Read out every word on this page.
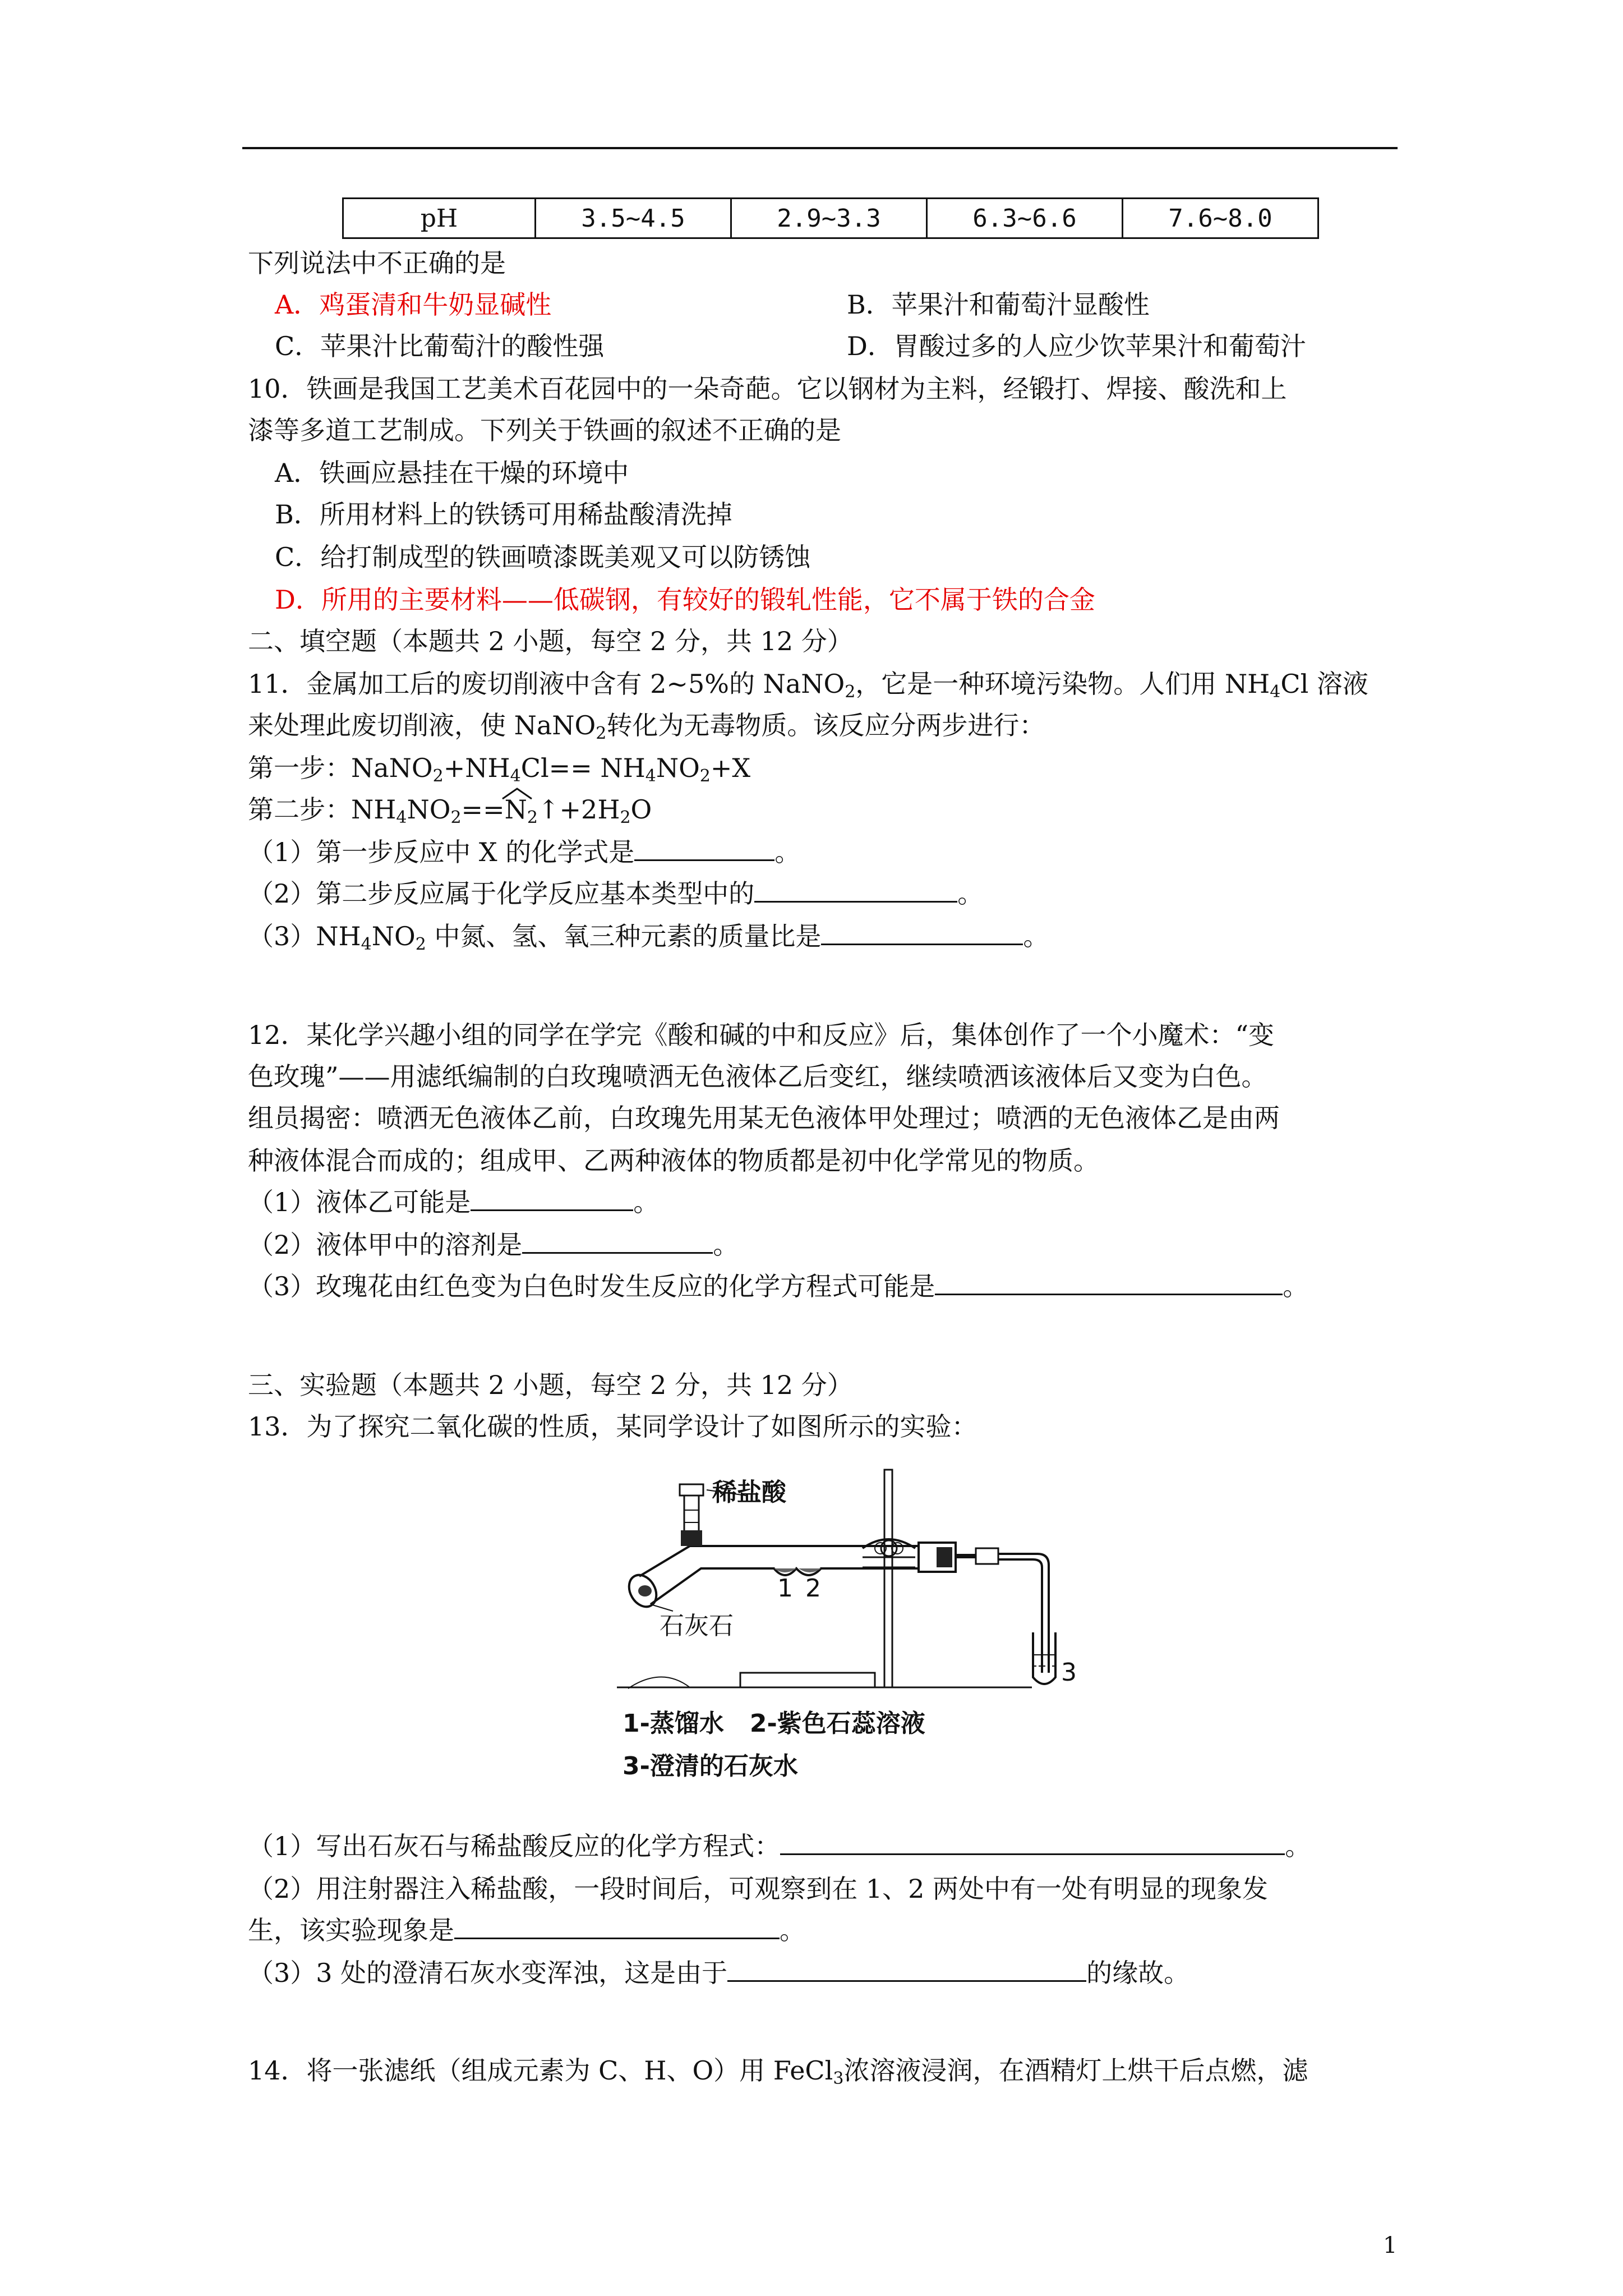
pH	3.5~4.5	2.9~3.3	6.3~6.6	7.6~8.0
下列说法中不正确的是
A．鸡蛋清和牛奶显碱性	B．苹果汁和葡萄汁显酸性
C．苹果汁比葡萄汁的酸性强	D．胃酸过多的人应少饮苹果汁和葡萄汁
10．铁画是我国工艺美术百花园中的一朵奇葩。它以钢材为主料，经锻打、焊接、酸洗和上
漆等多道工艺制成。下列关于铁画的叙述不正确的是
A．铁画应悬挂在干燥的环境中
B．所用材料上的铁锈可用稀盐酸清洗掉
C．给打制成型的铁画喷漆既美观又可以防锈蚀
D．所用的主要材料——低碳钢，有较好的锻轧性能，它不属于铁的合金
二、填空题（本题共 2 小题，每空 2 分，共 12 分）
11．金属加工后的废切削液中含有 2~5%的 NaNO$_2$，它是一种环境污染物。人们用 $NH_4Cl$ 溶液
来处理此废切削液，使 NaNO$_2$转化为无毒物质。该反应分两步进行：
第一步：$NaNO_2+NH_4Cl== NH_4NO_2+X$
第二步：$NH_4NO_2==N$
$_2↑+2H_2O$
（1）第一步反应中 X 的化学式是	。
（2）第二步反应属于化学反应基本类型中的	。
$(3)NH_4NO_2$ 中氮、氢、氧三种元素的质量比是	。
12．某化学兴趣小组的同学在学完《酸和碱的中和反应》后，集体创作了一个小魔术：“变
色玫瑰”——用滤纸编制的白玫瑰喷洒无色液体乙后变红，继续喷洒该液体后又变为白色。
组员揭密：喷洒无色液体乙前，白玫瑰先用某无色液体甲处理过；喷洒的无色液体乙是由两
种液体混合而成的；组成甲、乙两种液体的物质都是初中化学常见的物质。
（1）液体乙可能是	。
（2）液体甲中的溶剂是	。
（3）玫瑰花由红色变为白色时发生反应的化学方程式可能是	。
三、实验题（本题共 2 小题，每空 2 分，共 12 分）
13．为了探究二氧化碳的性质，某同学设计了如图所示的实验：
稀盐酸
石灰石
1 2
3
1-蒸馏水   2-紫色石蕊溶液
3-澄清的石灰水
（1）写出石灰石与稀盐酸反应的化学方程式：	。
（2）用注射器注入稀盐酸，一段时间后，可观察到在 1、2 两处中有一处有明显的现象发
生，该实验现象是	。
（3）3 处的澄清石灰水变浑浊，这是由于	的缘故。
14．将一张滤纸（组成元素为 C、H、O）用 FeCl$_3$浓溶液浸润，在酒精灯上烘干后点燃，滤
1
